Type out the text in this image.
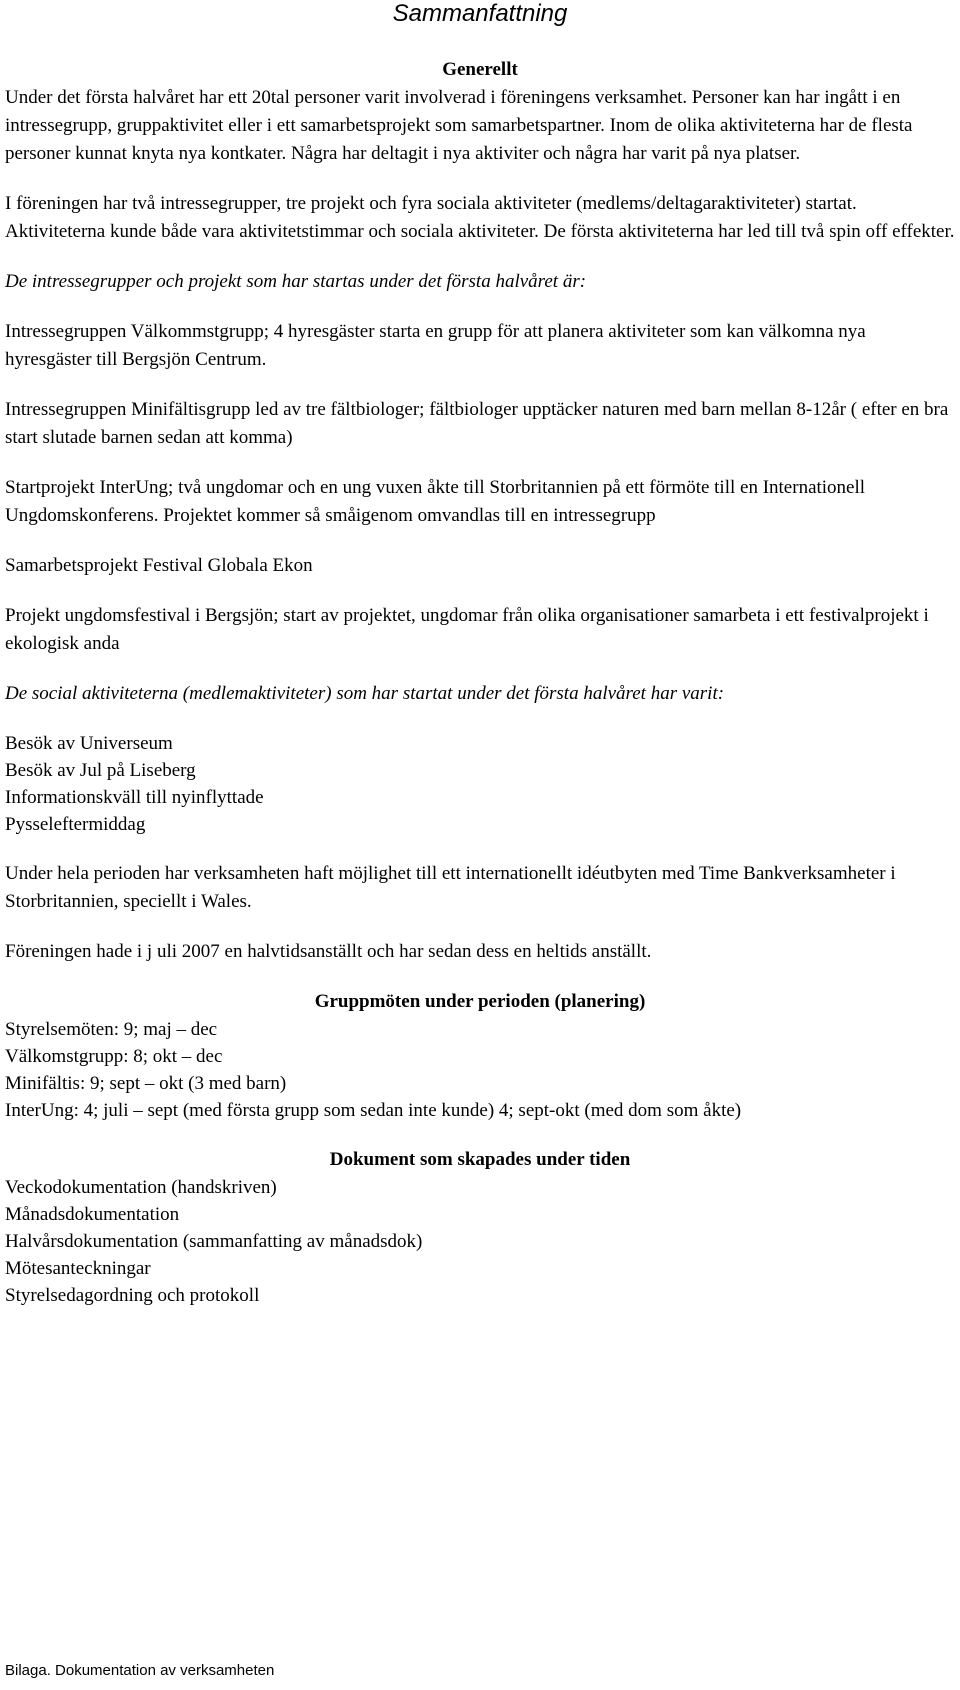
Sammanfattning
Generellt

Under det första halvåret har ett 20tal personer varit involverad i föreningens verksamhet. Personer kan har ingått i en intressegrupp, gruppaktivitet eller i ett samarbetsprojekt som samarbetspartner. Inom de olika aktiviteterna har de flesta personer kunnat knyta nya kontkater. Några har deltagit i nya aktiviter och några har varit på nya platser.

I föreningen har två intressegrupper, tre projekt och fyra sociala aktiviteter (medlems/deltagaraktiviteter) startat. Aktiviteterna kunde både vara aktivitetstimmar och sociala aktiviteter. De första aktiviteterna har led till två spin off effekter.

De intressegrupper och projekt som har startas under det första halvåret är:

Intressegruppen Välkommstgrupp; 4 hyresgäster starta en grupp för att planera aktiviteter som kan välkomna nya hyresgäster till Bergsjön Centrum.

Intressegruppen Minifältisgrupp led av tre fältbiologer; fältbiologer upptäcker naturen med barn mellan 8-12år ( efter en bra start slutade barnen sedan att komma)

Startprojekt InterUng; två ungdomar och en ung vuxen åkte till Storbritannien på ett förmöte till en Internationell Ungdomskonferens. Projektet kommer så småigenom omvandlas till en intressegrupp

Samarbetsprojekt Festival Globala Ekon

Projekt ungdomsfestival i Bergsjön; start av projektet, ungdomar från olika organisationer samarbeta i ett festivalprojekt i ekologisk anda

De social aktiviteterna (medlemaktiviteter) som har startat under det första halvåret har varit:

Besök av Universeum
Besök av Jul på Liseberg
Informationskväll till nyinflyttade
Pysseleftermiddag

Under hela perioden har verksamheten haft möjlighet till ett internationellt idéutbyten med Time Bankverksamheter i Storbritannien, speciellt i Wales.

Föreningen hade i j uli 2007 en halvtidsanställt och har sedan dess en heltids anställt.

Gruppmöten under perioden (planering)
Styrelsemöten: 9; maj – dec
Välkomstgrupp: 8; okt – dec
Minifältis: 9; sept – okt (3 med barn)
InterUng: 4; juli – sept (med första grupp som sedan inte kunde) 4; sept-okt (med dom som åkte)
Dokument som skapades under tiden
Veckodokumentation (handskriven)
Månadsdokumentation
Halvårsdokumentation (sammanfatting av månadsdok)
Mötesanteckningar
Styrelsedagordning och protokoll
Bilaga. Dokumentation av verksamheten
